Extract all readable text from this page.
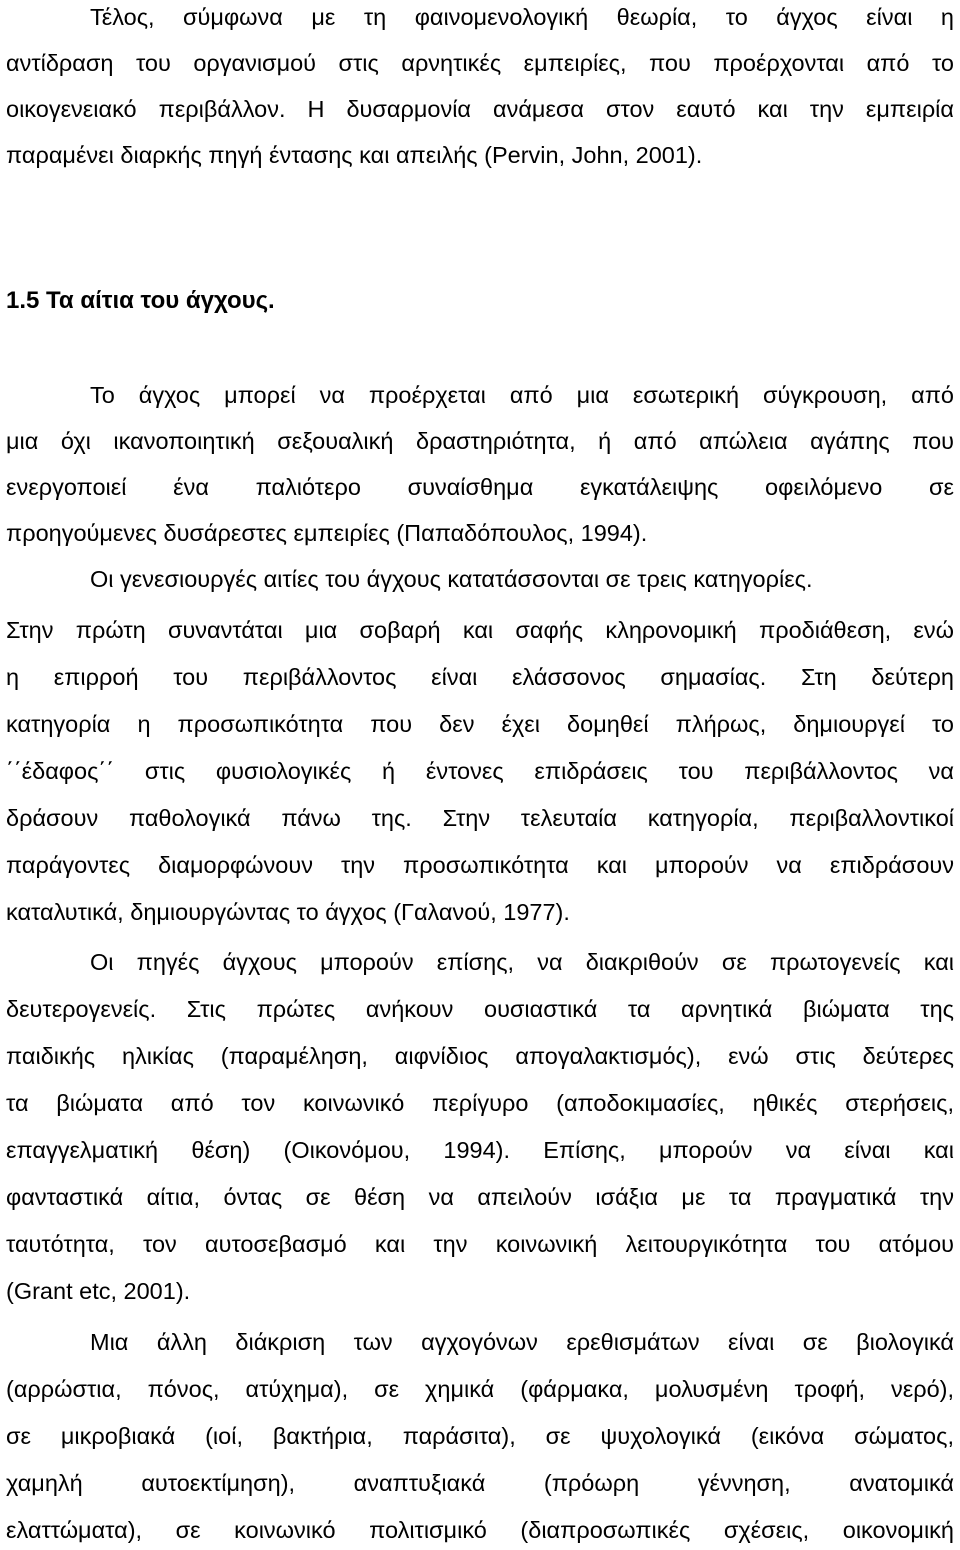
Τέλος, σύμφωνα με τη φαινομενολογική θεωρία, το άγχος είναι η
αντίδραση του οργανισμού στις αρνητικές εμπειρίες, που προέρχονται από το
οικογενειακό περιβάλλον. Η δυσαρμονία ανάμεσα στον εαυτό και την εμπειρία
παραμένει διαρκής πηγή έντασης και απειλής (Pervin, John, 2001).
1.5 Τα αίτια του άγχους.
Το άγχος μπορεί να προέρχεται από μια εσωτερική σύγκρουση, από
μια όχι ικανοποιητική σεξουαλική δραστηριότητα, ή από απώλεια αγάπης που
ενεργοποιεί ένα παλιότερο συναίσθημα εγκατάλειψης οφειλόμενο σε
προηγούμενες δυσάρεστες εμπειρίες (Παπαδόπουλος, 1994).
Οι γενεσιουργές αιτίες του άγχους κατατάσσονται σε τρεις κατηγορίες.
Στην πρώτη συναντάται μια σοβαρή και σαφής κληρονομική προδιάθεση, ενώ
η επιρροή του περιβάλλοντος είναι ελάσσονος σημασίας. Στη δεύτερη
κατηγορία η προσωπικότητα που δεν έχει δομηθεί πλήρως, δημιουργεί το
΄΄έδαφος΄΄ στις φυσιολογικές ή έντονες επιδράσεις του περιβάλλοντος να
δράσουν παθολογικά πάνω της. Στην τελευταία κατηγορία, περιβαλλοντικοί
παράγοντες διαμορφώνουν την προσωπικότητα και μπορούν να επιδράσουν
καταλυτικά, δημιουργώντας το άγχος (Γαλανού, 1977).
Οι πηγές άγχους μπορούν επίσης, να διακριθούν σε πρωτογενείς και
δευτερογενείς. Στις πρώτες ανήκουν ουσιαστικά τα αρνητικά βιώματα της
παιδικής ηλικίας (παραμέληση, αιφνίδιος απογαλακτισμός), ενώ στις δεύτερες
τα βιώματα από τον κοινωνικό περίγυρο (αποδοκιμασίες, ηθικές στερήσεις,
επαγγελματική θέση) (Οικονόμου, 1994). Επίσης, μπορούν να είναι και
φανταστικά αίτια, όντας σε θέση να απειλούν ισάξια με τα πραγματικά την
ταυτότητα, τον αυτοσεβασμό και την κοινωνική λειτουργικότητα του ατόμου
(Grant etc, 2001).
Μια άλλη διάκριση των αγχογόνων ερεθισμάτων είναι σε βιολογικά
(αρρώστια, πόνος, ατύχημα), σε χημικά (φάρμακα, μολυσμένη τροφή, νερό),
σε μικροβιακά (ιοί, βακτήρια, παράσιτα), σε ψυχολογικά (εικόνα σώματος,
χαμηλή αυτοεκτίμηση), αναπτυξιακά (πρόωρη γέννηση, ανατομικά
ελαττώματα), σε κοινωνικό πολιτισμικό (διαπροσωπικές σχέσεις, οικονομική
